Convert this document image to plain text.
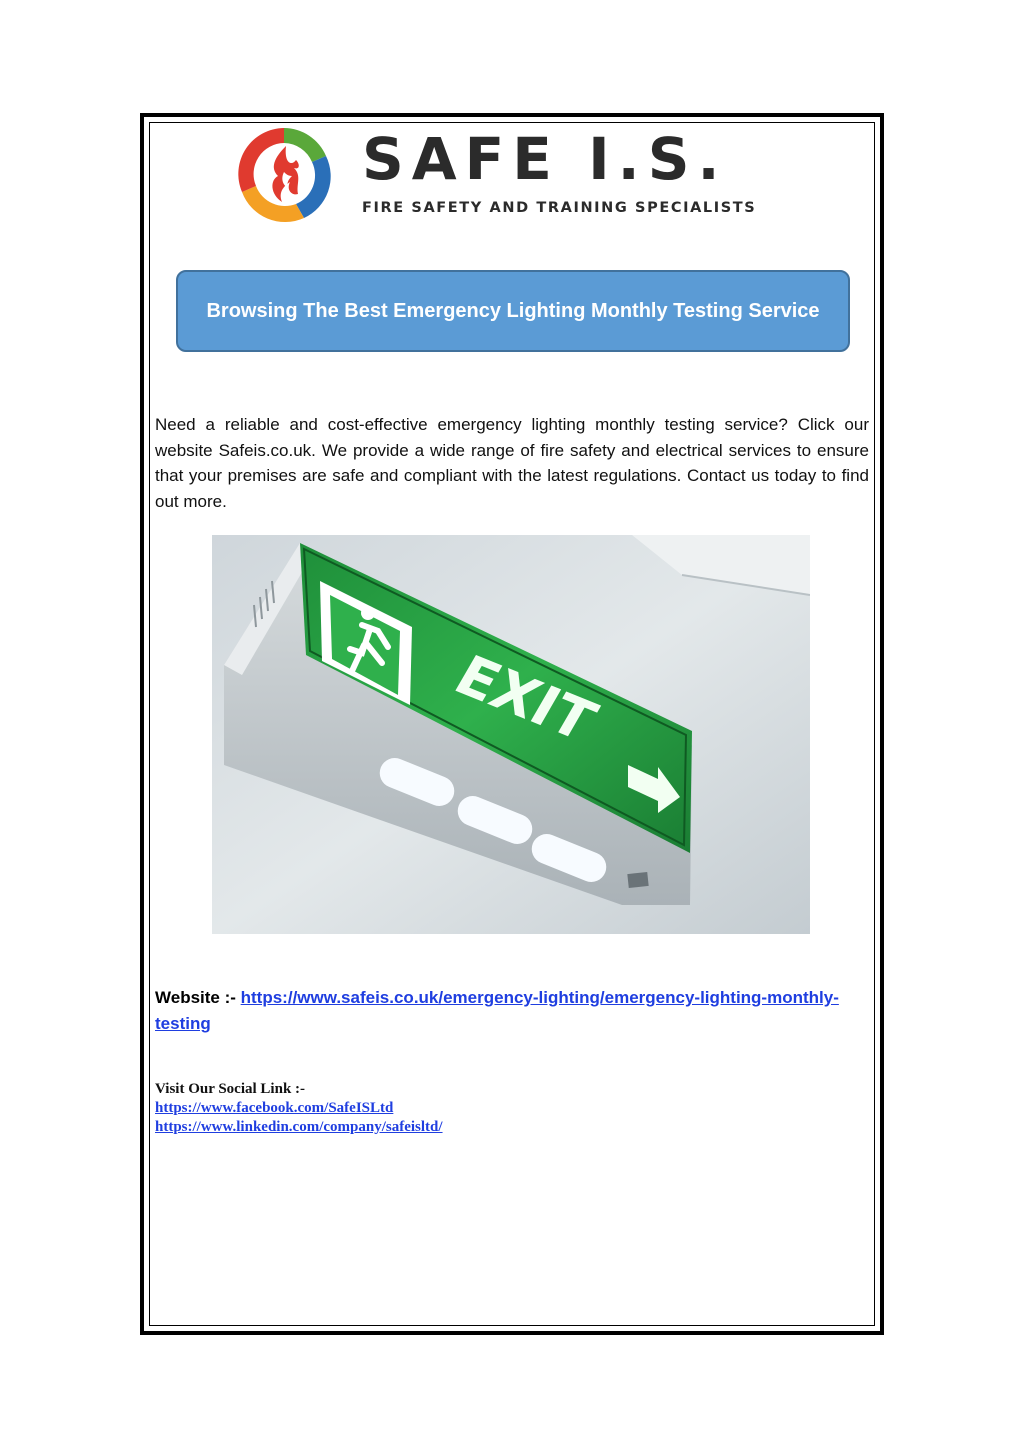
SAFE I.S.
FIRE SAFETY AND TRAINING SPECIALISTS
Browsing The Best Emergency Lighting Monthly Testing Service
Need a reliable and cost-effective emergency lighting monthly testing service? Click our website Safeis.co.uk. We provide a wide range of fire safety and electrical services to ensure that your premises are safe and compliant with the latest regulations. Contact us today to find out more.
EXIT
Website :- https://www.safeis.co.uk/emergency-lighting/emergency-lighting-monthly-testing
Visit Our Social Link :-
https://www.facebook.com/SafeISLtd
https://www.linkedin.com/company/safeisltd/
